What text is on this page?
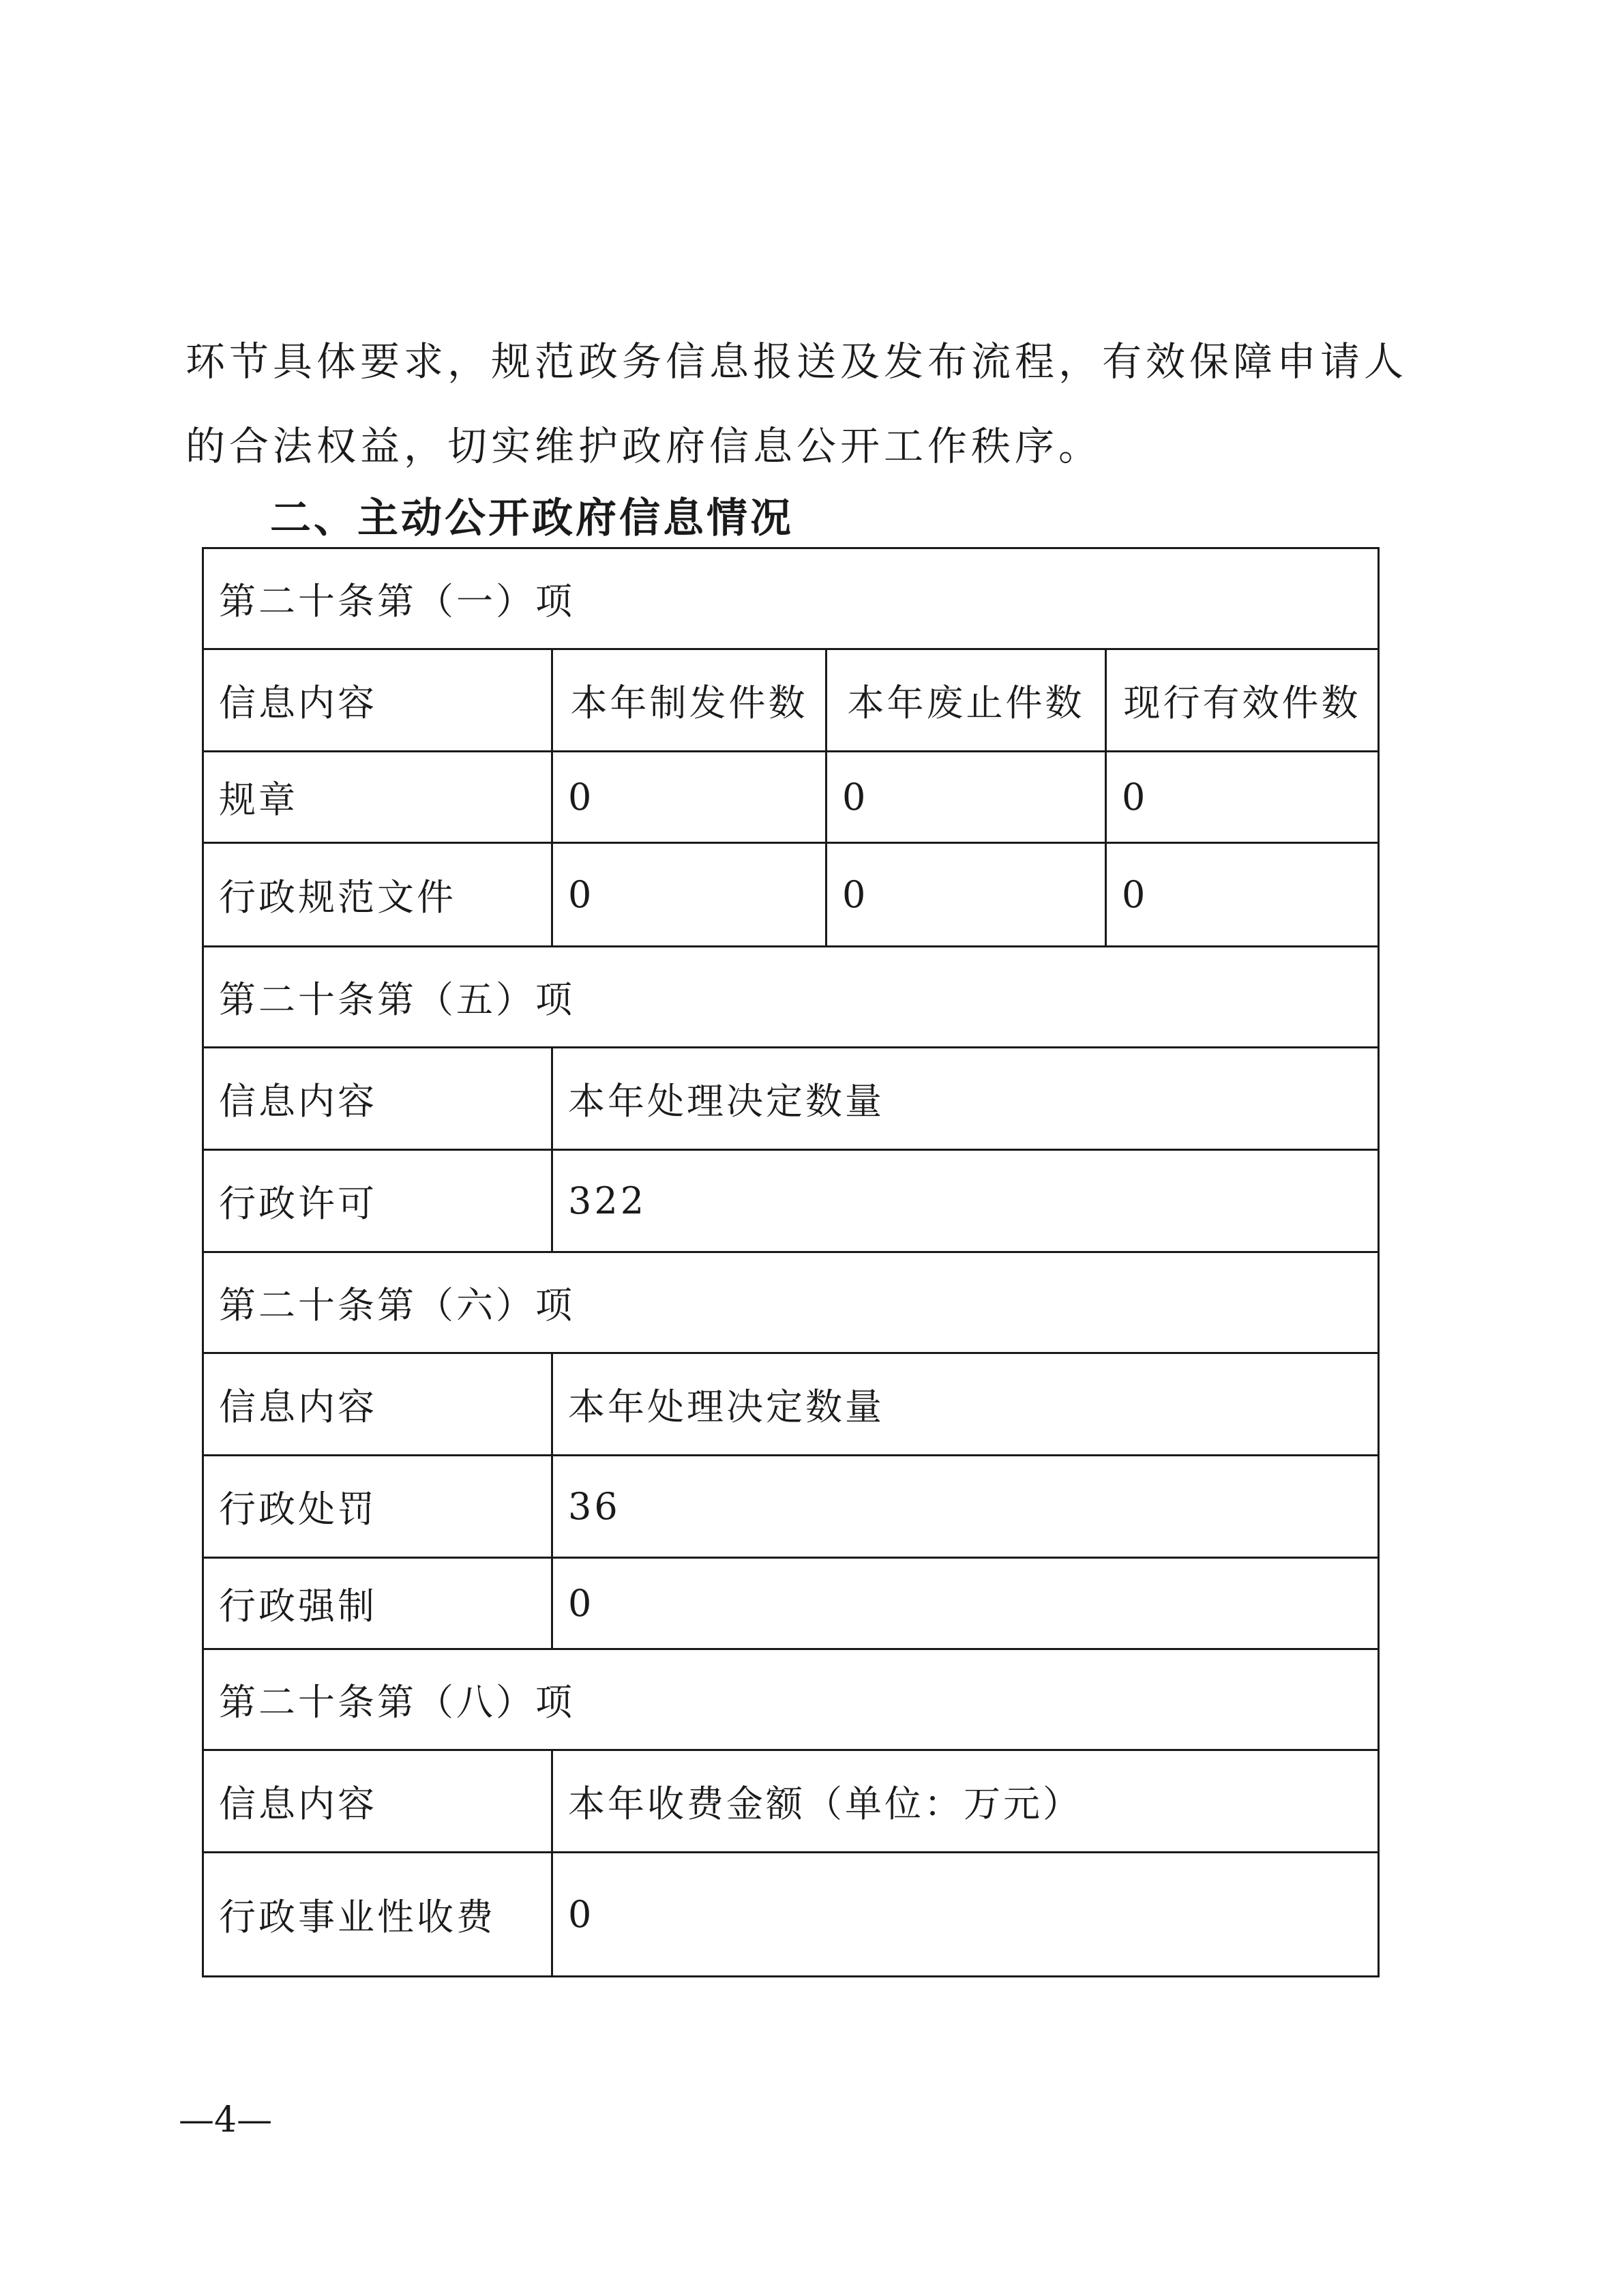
环节具体要求，规范政务信息报送及发布流程，有效保障申请人

的合法权益，切实维护政府信息公开工作秩序。

二、主动公开政府信息情况
第二十条第（一）项			
信息内容	本年制发件数	本年废止件数	现行有效件数
规章	0	0	0
行政规范文件	0	0	0
第二十条第（五）项			
信息内容	本年处理决定数量		
行政许可	322		
第二十条第（六）项			
信息内容	本年处理决定数量		
行政处罚	36		
行政强制	0		
第二十条第（八）项			
信息内容	本年收费金额（单位：万元）		
行政事业性收费	0		

—4—
